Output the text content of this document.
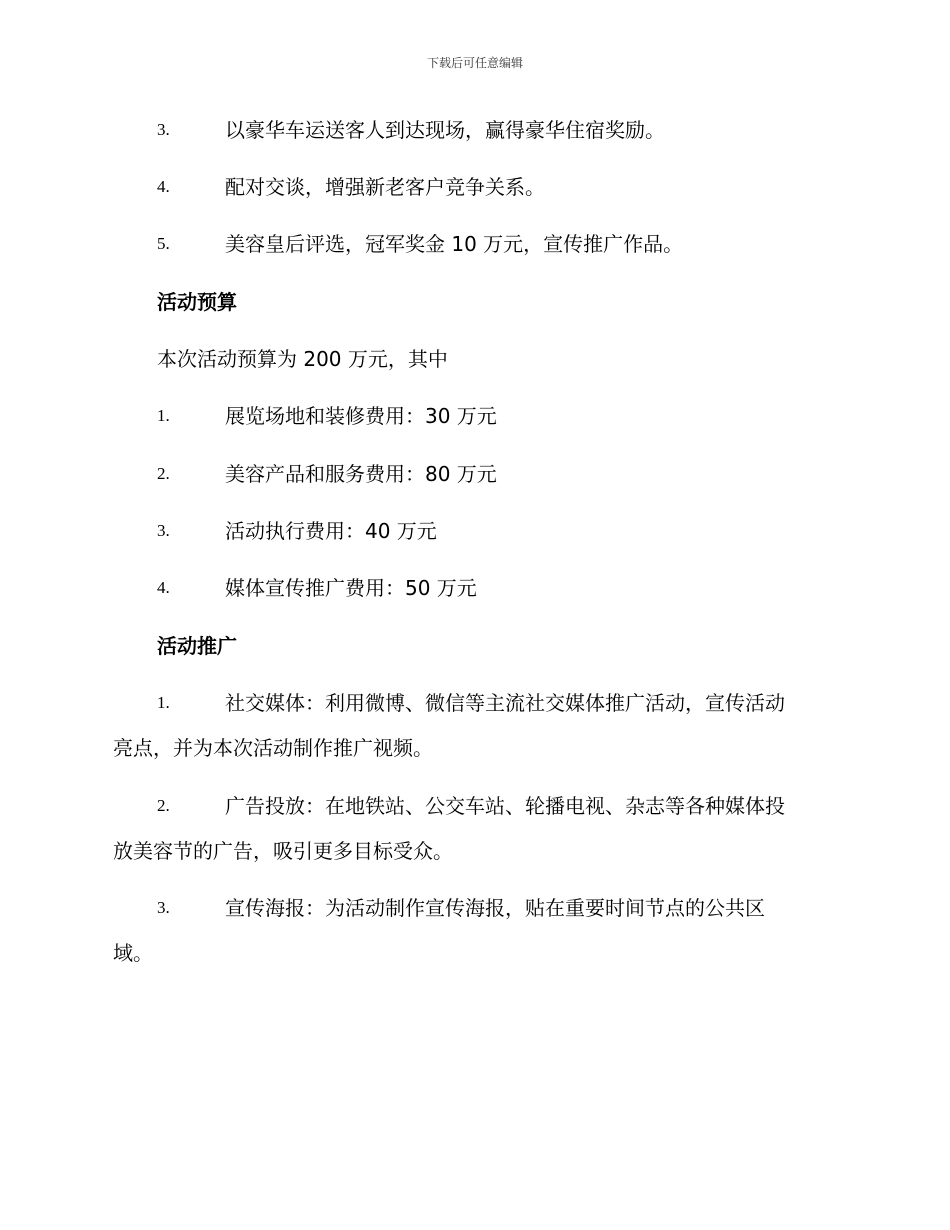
下载后可任意编辑
3.	以豪华车运送客人到达现场，赢得豪华住宿奖励。
4.	配对交谈，增强新老客户竞争关系。
5.	美容皇后评选，冠军奖金 10 万元，宣传推广作品。
活动预算
本次活动预算为 200 万元，其中
1.	展览场地和装修费用：30 万元
2.	美容产品和服务费用：80 万元
3.	活动执行费用：40 万元
4.	媒体宣传推广费用：50 万元
活动推广
1.	社交媒体：利用微博、微信等主流社交媒体推广活动，宣传活动
亮点，并为本次活动制作推广视频。
2.	广告投放：在地铁站、公交车站、轮播电视、杂志等各种媒体投
放美容节的广告，吸引更多目标受众。
3.	宣传海报：为活动制作宣传海报，贴在重要时间节点的公共区
域。
